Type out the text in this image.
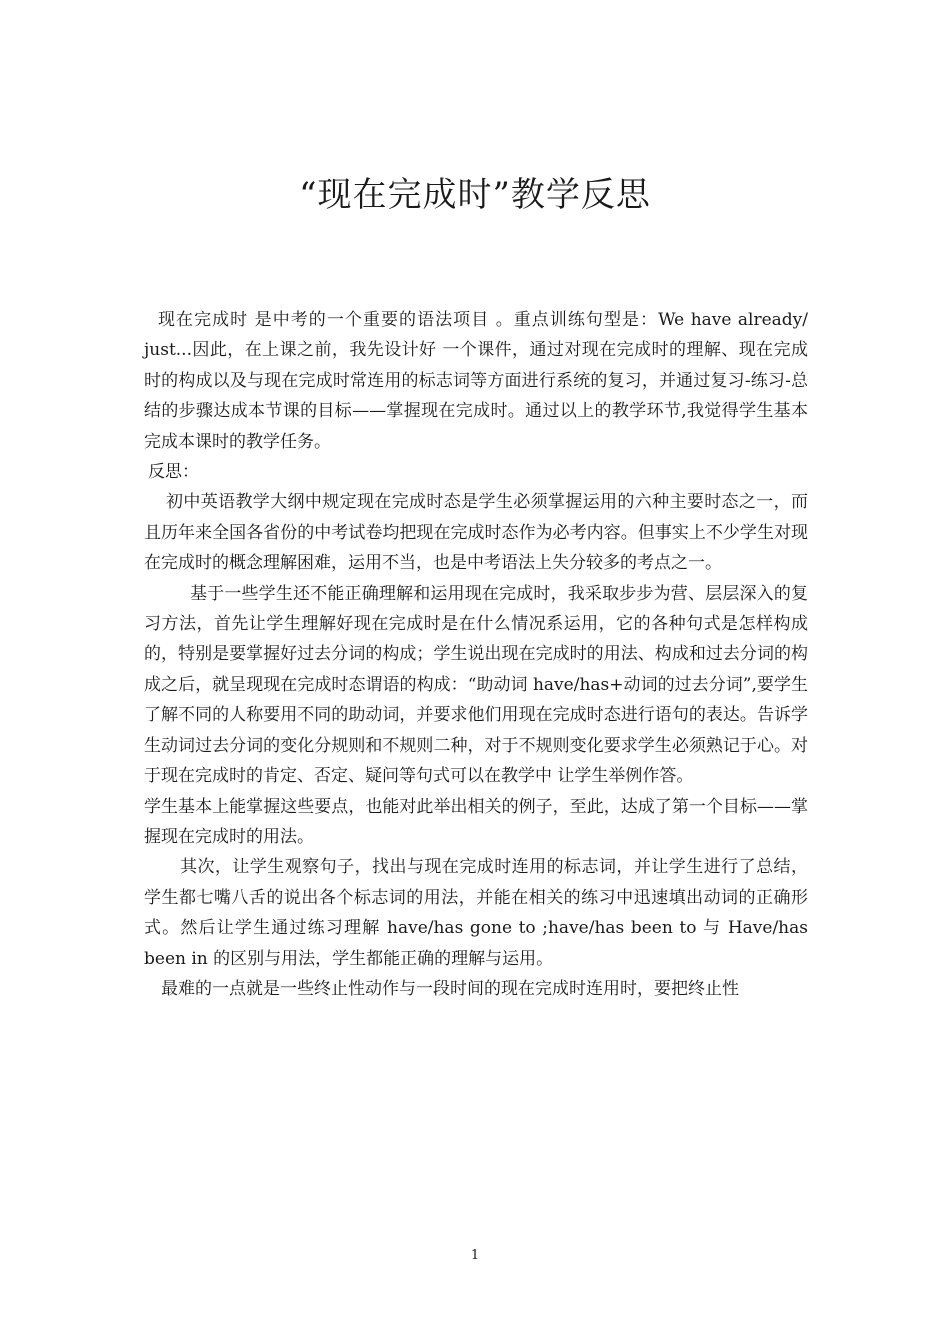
“现在完成时”教学反思

现在完成时 是中考的一个重要的语法项目 。重点训练句型是：We have already/ just...因此，在上课之前，我先设计好 一个课件，通过对现在完成时的理解、现在完成时的构成以及与现在完成时常连用的标志词等方面进行系统的复习，并通过复习-练习-总结的步骤达成本节课的目标——掌握现在完成时。通过以上的教学环节,我觉得学生基本完成本课时的教学任务。

反思：

初中英语教学大纲中规定现在完成时态是学生必须掌握运用的六种主要时态之一，而且历年来全国各省份的中考试卷均把现在完成时态作为必考内容。但事实上不少学生对现在完成时的概念理解困难，运用不当，也是中考语法上失分较多的考点之一。

基于一些学生还不能正确理解和运用现在完成时，我采取步步为营、层层深入的复习方法，首先让学生理解好现在完成时是在什么情况系运用，它的各种句式是怎样构成的，特别是要掌握好过去分词的构成；学生说出现在完成时的用法、构成和过去分词的构成之后，就呈现现在完成时态谓语的构成：“助动词 have/has+动词的过去分词”,要学生了解不同的人称要用不同的助动词，并要求他们用现在完成时态进行语句的表达。告诉学生动词过去分词的变化分规则和不规则二种，对于不规则变化要求学生必须熟记于心。对于现在完成时的肯定、否定、疑问等句式可以在教学中 让学生举例作答。

学生基本上能掌握这些要点，也能对此举出相关的例子，至此，达成了第一个目标——掌握现在完成时的用法。

其次，让学生观察句子，找出与现在完成时连用的标志词，并让学生进行了总结，学生都七嘴八舌的说出各个标志词的用法，并能在相关的练习中迅速填出动词的正确形式。然后让学生通过练习理解 have/has gone to ;have/has been to 与 Have/has been in 的区别与用法，学生都能正确的理解与运用。

最难的一点就是一些终止性动作与一段时间的现在完成时连用时，要把终止性

1
